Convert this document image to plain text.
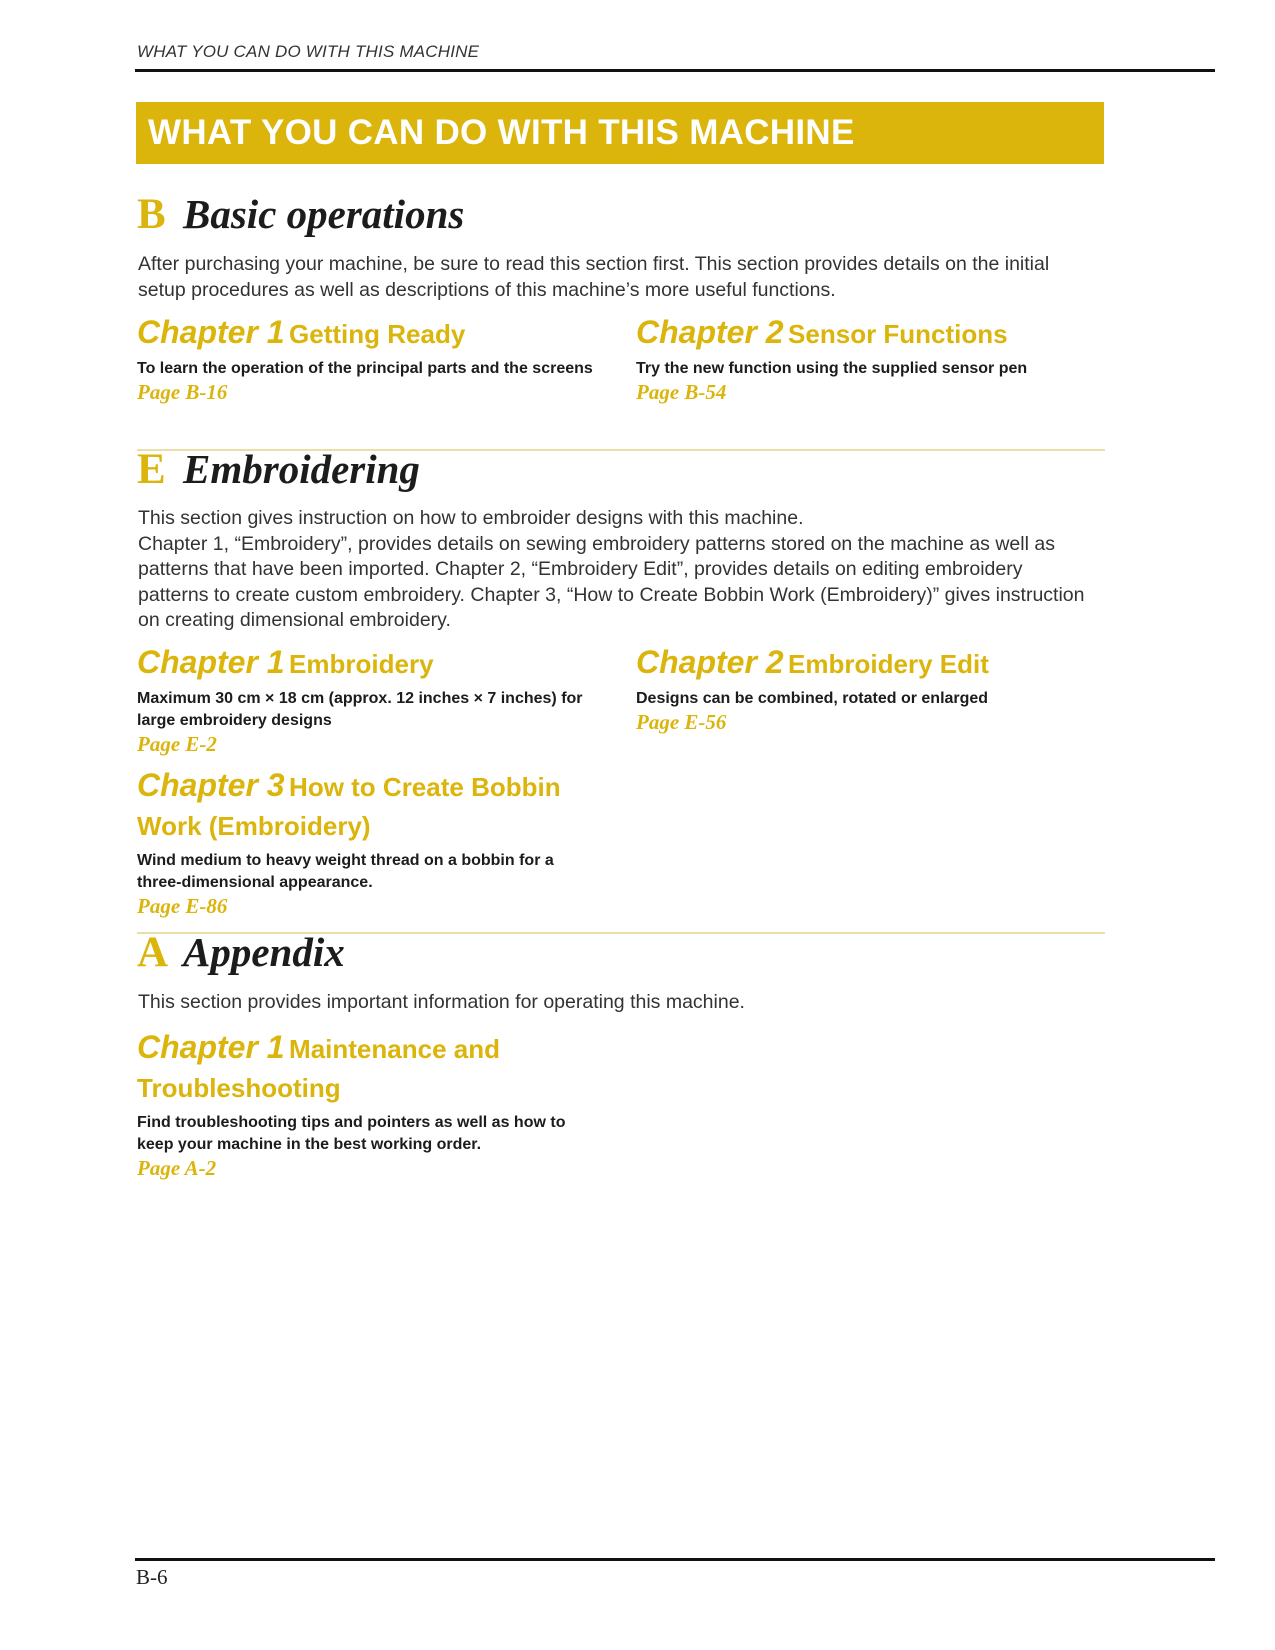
WHAT YOU CAN DO WITH THIS MACHINE
WHAT YOU CAN DO WITH THIS MACHINE
B Basic operations

After purchasing your machine, be sure to read this section first. This section provides details on the initial setup procedures as well as descriptions of this machine’s more useful functions.

Chapter 1 Getting Ready

To learn the operation of the principal parts and the screens

Page B-16

Chapter 2 Sensor Functions

Try the new function using the supplied sensor pen

Page B-54

E Embroidering

This section gives instruction on how to embroider designs with this machine.

Chapter 1, “Embroidery”, provides details on sewing embroidery patterns stored on the machine as well as patterns that have been imported. Chapter 2, “Embroidery Edit”, provides details on editing embroidery patterns to create custom embroidery. Chapter 3, “How to Create Bobbin Work (Embroidery)” gives instruction on creating dimensional embroidery.

Chapter 1 Embroidery

Maximum 30 cm × 18 cm (approx. 12 inches × 7 inches) for large embroidery designs

Page E-2

Chapter 2 Embroidery Edit

Designs can be combined, rotated or enlarged

Page E-56

Chapter 3 How to Create Bobbin Work (Embroidery)

Wind medium to heavy weight thread on a bobbin for a three-dimensional appearance.

Page E-86

A Appendix

This section provides important information for operating this machine.

Chapter 1 Maintenance and Troubleshooting

Find troubleshooting tips and pointers as well as how to keep your machine in the best working order.

Page A-2

B-6
